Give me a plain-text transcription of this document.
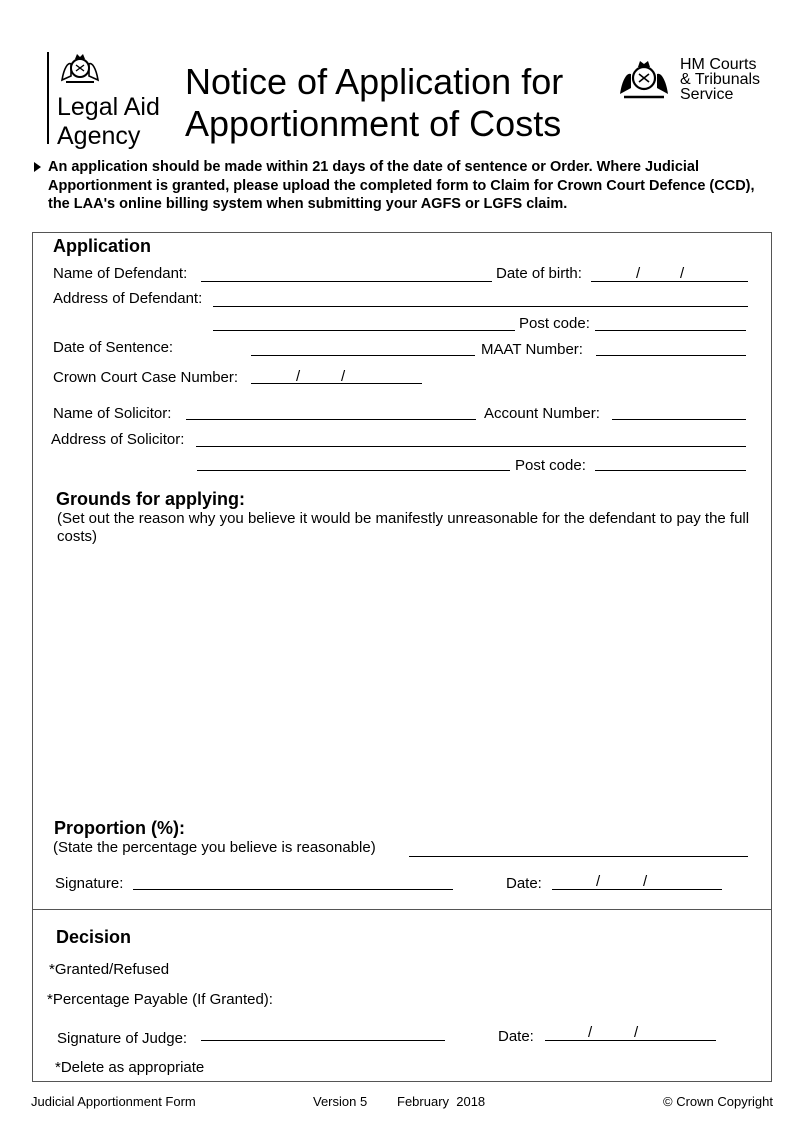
Legal Aid
Agency
Notice of Application for
Apportionment of Costs
HM Courts
& Tribunals
Service
An application should be made within 21 days of the date of sentence or Order. Where Judicial Apportionment is granted, please upload the completed form to Claim for Crown Court Defence (CCD), the LAA's online billing system when submitting your AGFS or LGFS claim.
Application
Name of Defendant:	Date of birth:	/	/
Address of Defendant:
Post code:
Date of Sentence:	MAAT Number:
Crown Court Case Number:	/	/
Name of Solicitor:	Account Number:
Address of Solicitor:
Post code:
Grounds for applying:
(Set out the reason why you believe it would be manifestly unreasonable for the defendant to pay the full costs)
Proportion (%):
(State the percentage you believe is reasonable)
Signature:	Date:	/	/
Decision
*Granted/Refused
*Percentage Payable (If Granted):
Signature of Judge:	Date:	/	/
*Delete as appropriate
Judicial Apportionment Form	Version 5 February  2018	© Crown Copyright
